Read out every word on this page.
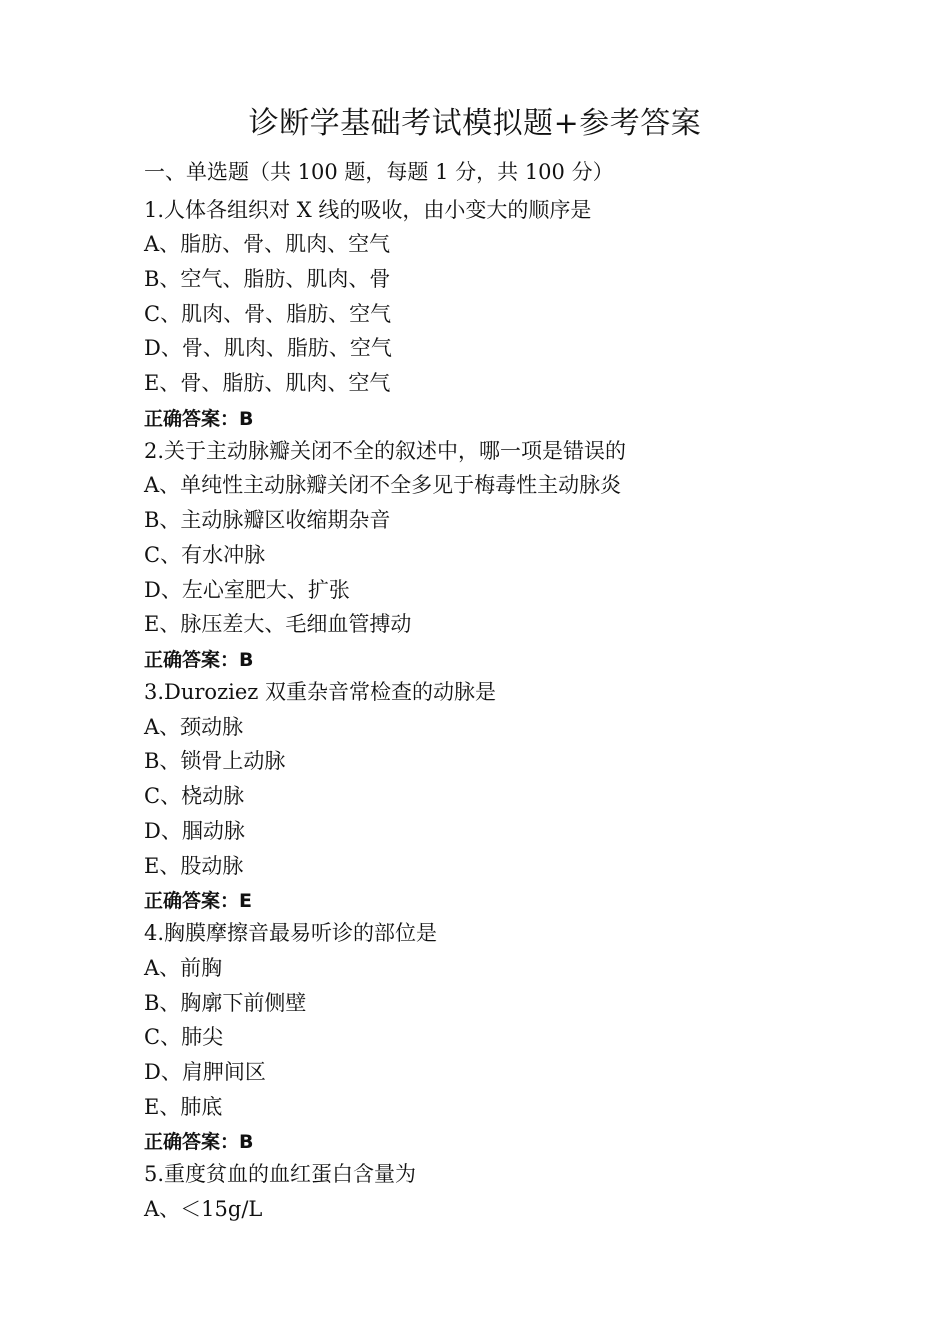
诊断学基础考试模拟题+参考答案
一、单选题（共 100 题，每题 1 分，共 100 分）
1.人体各组织对 X 线的吸收，由小变大的顺序是
A、脂肪、骨、肌肉、空气
B、空气、脂肪、肌肉、骨
C、肌肉、骨、脂肪、空气
D、骨、肌肉、脂肪、空气
E、骨、脂肪、肌肉、空气
正确答案：B
2.关于主动脉瓣关闭不全的叙述中，哪一项是错误的
A、单纯性主动脉瓣关闭不全多见于梅毒性主动脉炎
B、主动脉瓣区收缩期杂音
C、有水冲脉
D、左心室肥大、扩张
E、脉压差大、毛细血管搏动
正确答案：B
3.Duroziez 双重杂音常检查的动脉是
A、颈动脉
B、锁骨上动脉
C、桡动脉
D、腘动脉
E、股动脉
正确答案：E
4.胸膜摩擦音最易听诊的部位是
A、前胸
B、胸廓下前侧壁
C、肺尖
D、肩胛间区
E、肺底
正确答案：B
5.重度贫血的血红蛋白含量为
A、＜15g/L
